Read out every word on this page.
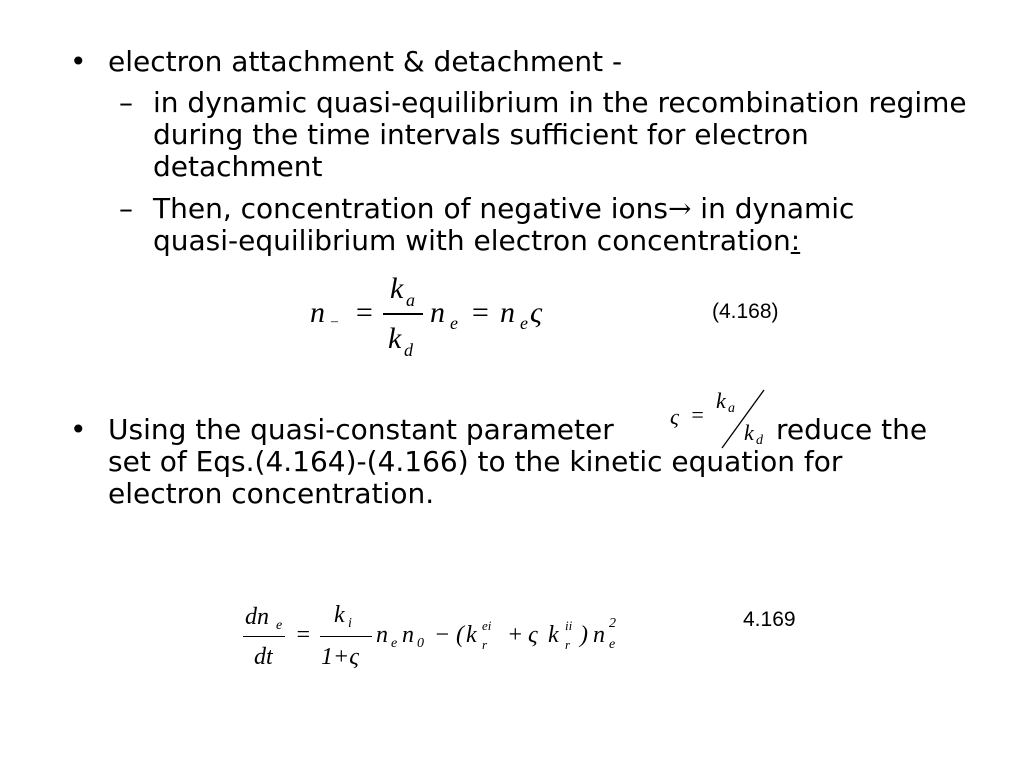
• electron attachment & detachment -
– in dynamic quasi-equilibrium in the recombination regime during the time intervals sufficient for electron detachment
– Then, concentration of negative ions→ in dynamic quasi-equilibrium with electron concentration:
n – =
k a
k d
n e = n e ς	(4.168)
• Using the quasi-constant parameter	reduce the set of Eqs.(4.164)-(4.166) to the kinetic equation for electron concentration.
ς =
k a
k d
dn e
dt
=
k i
1+ς
n e n 0 − ( k ei
r + ς k ii
r ) n 2
e
4.169
